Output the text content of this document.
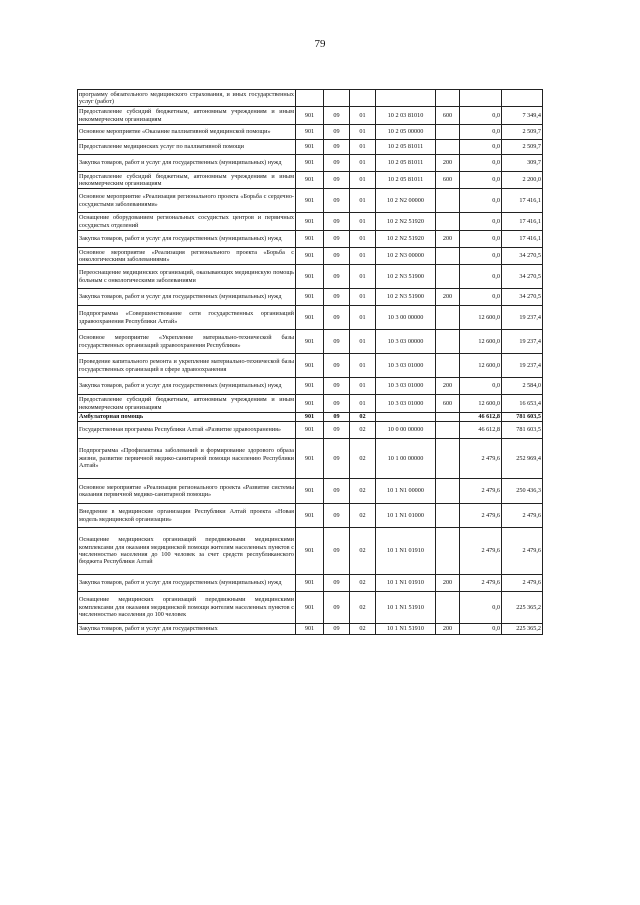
79
программу обязательного медицинского страхования, и иных государственных услуг (работ)							
Предоставление субсидий бюджетным, автономным учреждениям и иным некоммерческим организациям	901	09	01	10 2 03 81010	600	0,0	7 349,4
Основное мероприятие «Оказание паллиативной медицинской помощи»	901	09	01	10 2 05 00000		0,0	2 509,7
Предоставление медицинских услуг по паллиативной помощи	901	09	01	10 2 05 81011		0,0	2 509,7
Закупка товаров, работ и услуг для государственных (муниципальных) нужд	901	09	01	10 2 05 81011	200	0,0	309,7
Предоставление субсидий бюджетным, автономным учреждениям и иным некоммерческим организациям	901	09	01	10 2 05 81011	600	0,0	2 200,0
Основное мероприятие «Реализация регионального проекта «Борьба с сердечно-сосудистыми заболеваниями»	901	09	01	10 2 N2 00000		0,0	17 416,1
Оснащение оборудованием региональных сосудистых центров и первичных сосудистых отделений	901	09	01	10 2 N2 51920		0,0	17 416,1
Закупка товаров, работ и услуг для государственных (муниципальных) нужд	901	09	01	10 2 N2 51920	200	0,0	17 416,1
Основное мероприятие «Реализация регионального проекта «Борьба с онкологическими заболеваниями»	901	09	01	10 2 N3 00000		0,0	34 270,5
Переоснащение медицинских организаций, оказывающих медицинскую помощь больным с онкологическими заболеваниями	901	09	01	10 2 N3 51900		0,0	34 270,5
Закупка товаров, работ и услуг для государственных (муниципальных) нужд	901	09	01	10 2 N3 51900	200	0,0	34 270,5
Подпрограмма «Совершенствование сети государственных организаций здравоохранения Республики Алтай»	901	09	01	10 3 00 00000		12 600,0	19 237,4
Основное мероприятие «Укрепление материально-технической базы государственных организаций здравоохранения Республики»	901	09	01	10 3 03 00000		12 600,0	19 237,4
Проведение капитального ремонта и укрепление материально-технической базы государственных организаций в сфере здравоохранения	901	09	01	10 3 03 01000		12 600,0	19 237,4
Закупка товаров, работ и услуг для государственных (муниципальных) нужд	901	09	01	10 3 03 01000	200	0,0	2 584,0
Предоставление субсидий бюджетным, автономным учреждениям и иным некоммерческим организациям	901	09	01	10 3 03 01000	600	12 600,0	16 653,4
Амбулаторная помощь	901	09	02			46 612,8	781 603,5
Государственная программа Республики Алтай «Развитие здравоохранения»	901	09	02	10 0 00 00000		46 612,8	781 603,5
Подпрограмма «Профилактика заболеваний и формирование здорового образа жизни, развитие первичной медико-санитарной помощи населению Республики Алтай»	901	09	02	10 1 00 00000		2 479,6	252 969,4
Основное мероприятие «Реализация регионального проекта «Развитие системы оказания первичной медико-санитарной помощи»	901	09	02	10 1 N1 00000		2 479,6	250 436,3
Внедрение в медицинские организации Республики Алтай проекта «Новая модель медицинской организации»	901	09	02	10 1 N1 01000		2 479,6	2 479,6
Оснащение медицинских организаций передвижными медицинскими комплексами для оказания медицинской помощи жителям населенных пунктов с численностью населения до 100 человек за счет средств республиканского бюджета Республики Алтай	901	09	02	10 1 N1 01910		2 479,6	2 479,6
Закупка товаров, работ и услуг для государственных (муниципальных) нужд	901	09	02	10 1 N1 01910	200	2 479,6	2 479,6
Оснащение медицинских организаций передвижными медицинскими комплексами для оказания медицинской помощи жителям населенных пунктов с численностью населения до 100 человек	901	09	02	10 1 N1 51910		0,0	225 365,2
Закупка товаров, работ и услуг для государственных	901	09	02	10 1 N1 51910	200	0,0	225 365,2
